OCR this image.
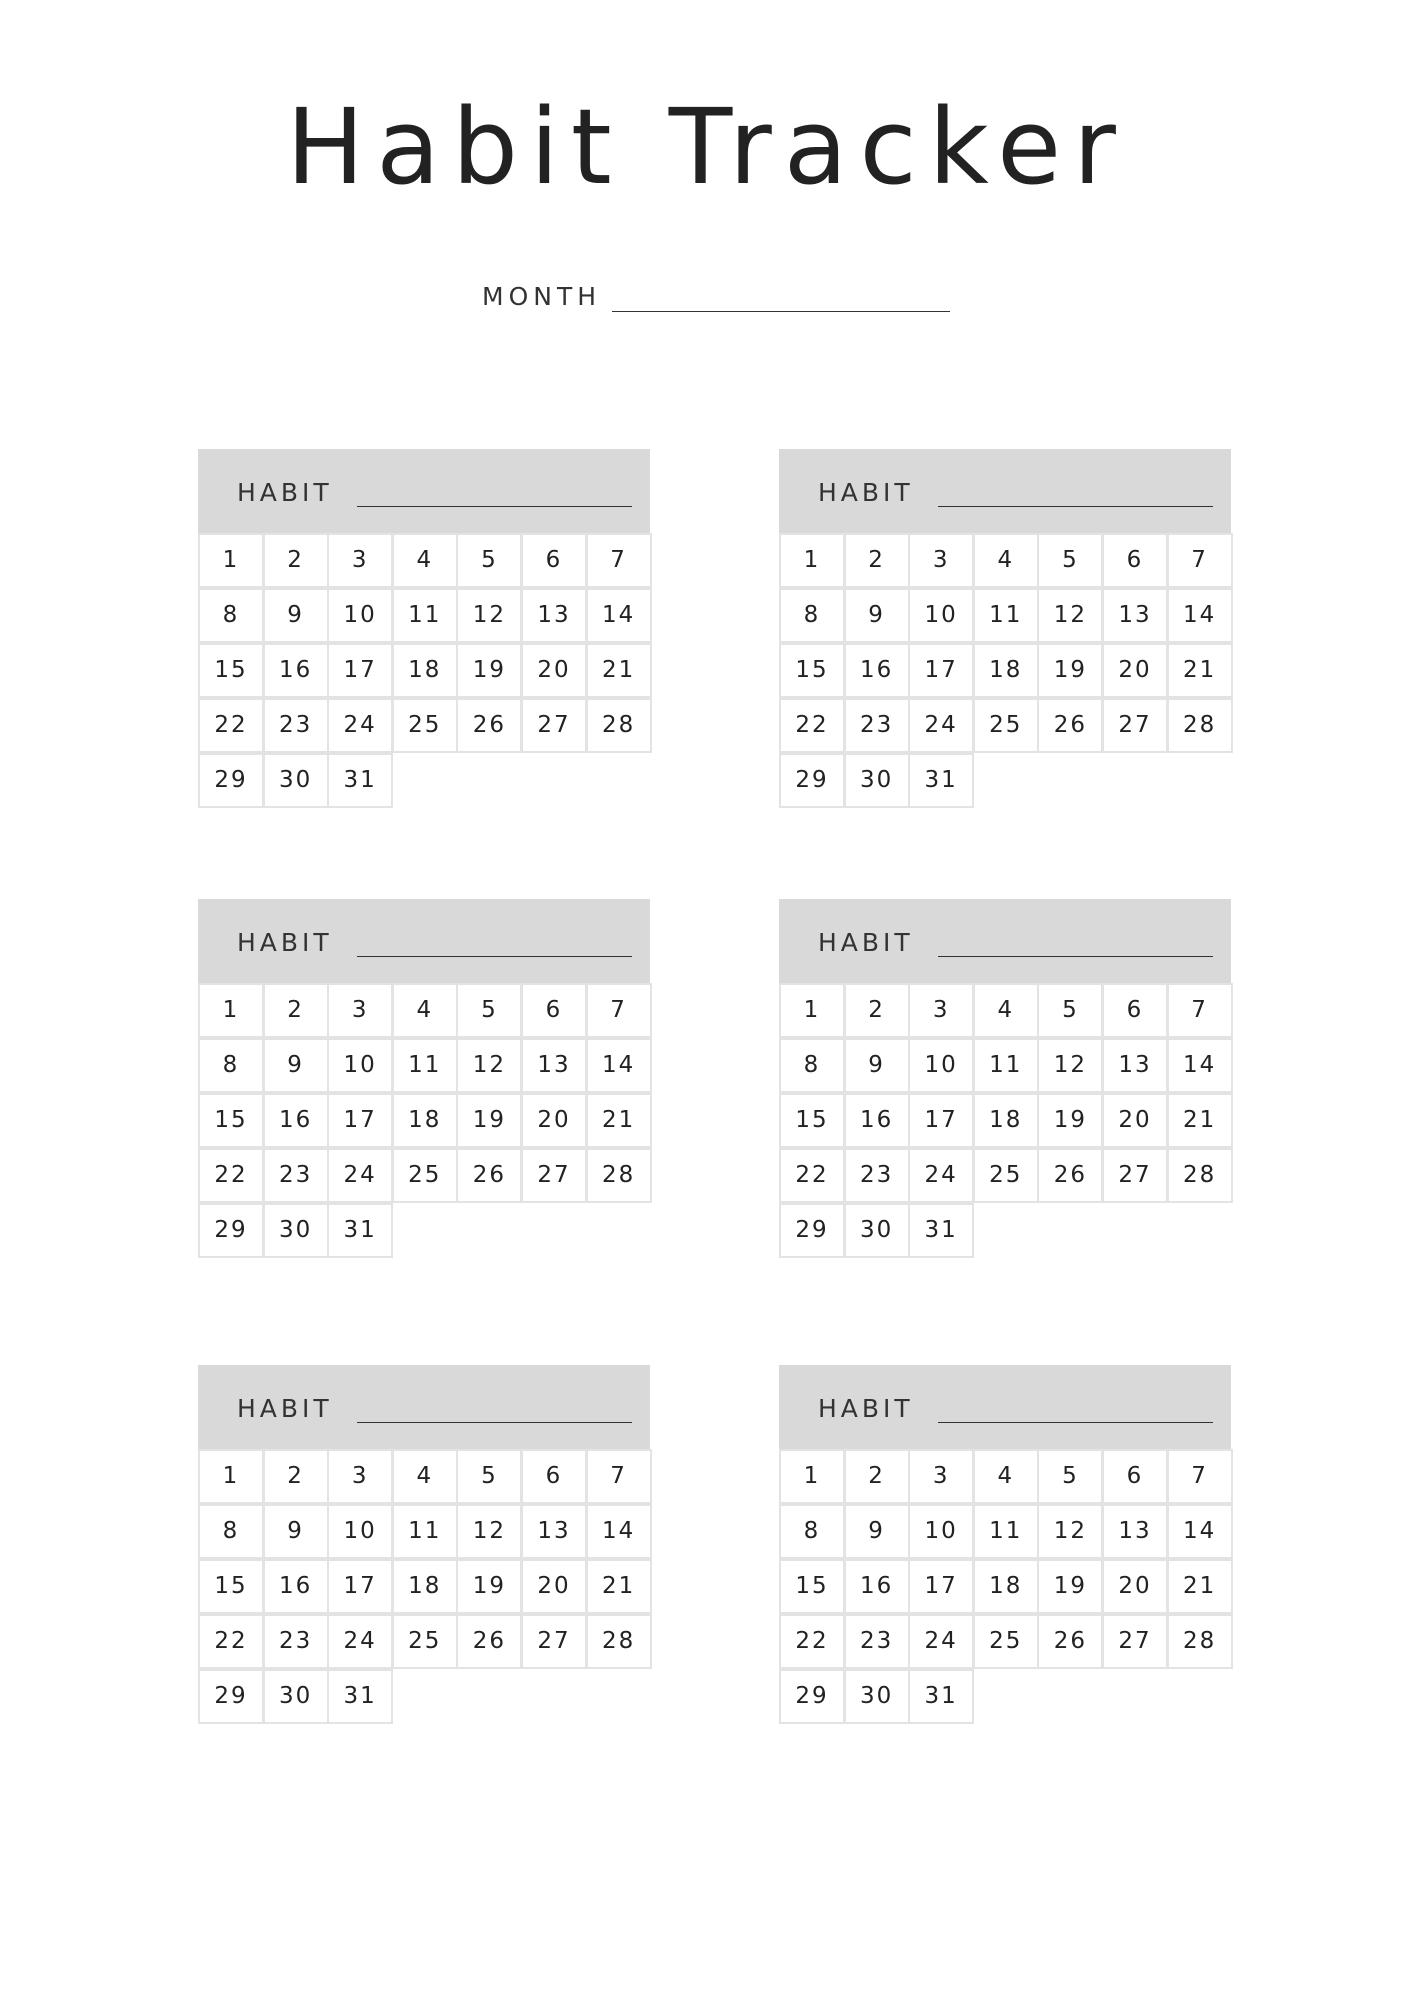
Habit Tracker
MONTH
HABIT
1	2	3	4	5	6	7
8	9	10	11	12	13	14
15	16	17	18	19	20	21
22	23	24	25	26	27	28
29	30	31
HABIT
1	2	3	4	5	6	7
8	9	10	11	12	13	14
15	16	17	18	19	20	21
22	23	24	25	26	27	28
29	30	31
HABIT
1	2	3	4	5	6	7
8	9	10	11	12	13	14
15	16	17	18	19	20	21
22	23	24	25	26	27	28
29	30	31
HABIT
1	2	3	4	5	6	7
8	9	10	11	12	13	14
15	16	17	18	19	20	21
22	23	24	25	26	27	28
29	30	31
HABIT
1	2	3	4	5	6	7
8	9	10	11	12	13	14
15	16	17	18	19	20	21
22	23	24	25	26	27	28
29	30	31
HABIT
1	2	3	4	5	6	7
8	9	10	11	12	13	14
15	16	17	18	19	20	21
22	23	24	25	26	27	28
29	30	31
